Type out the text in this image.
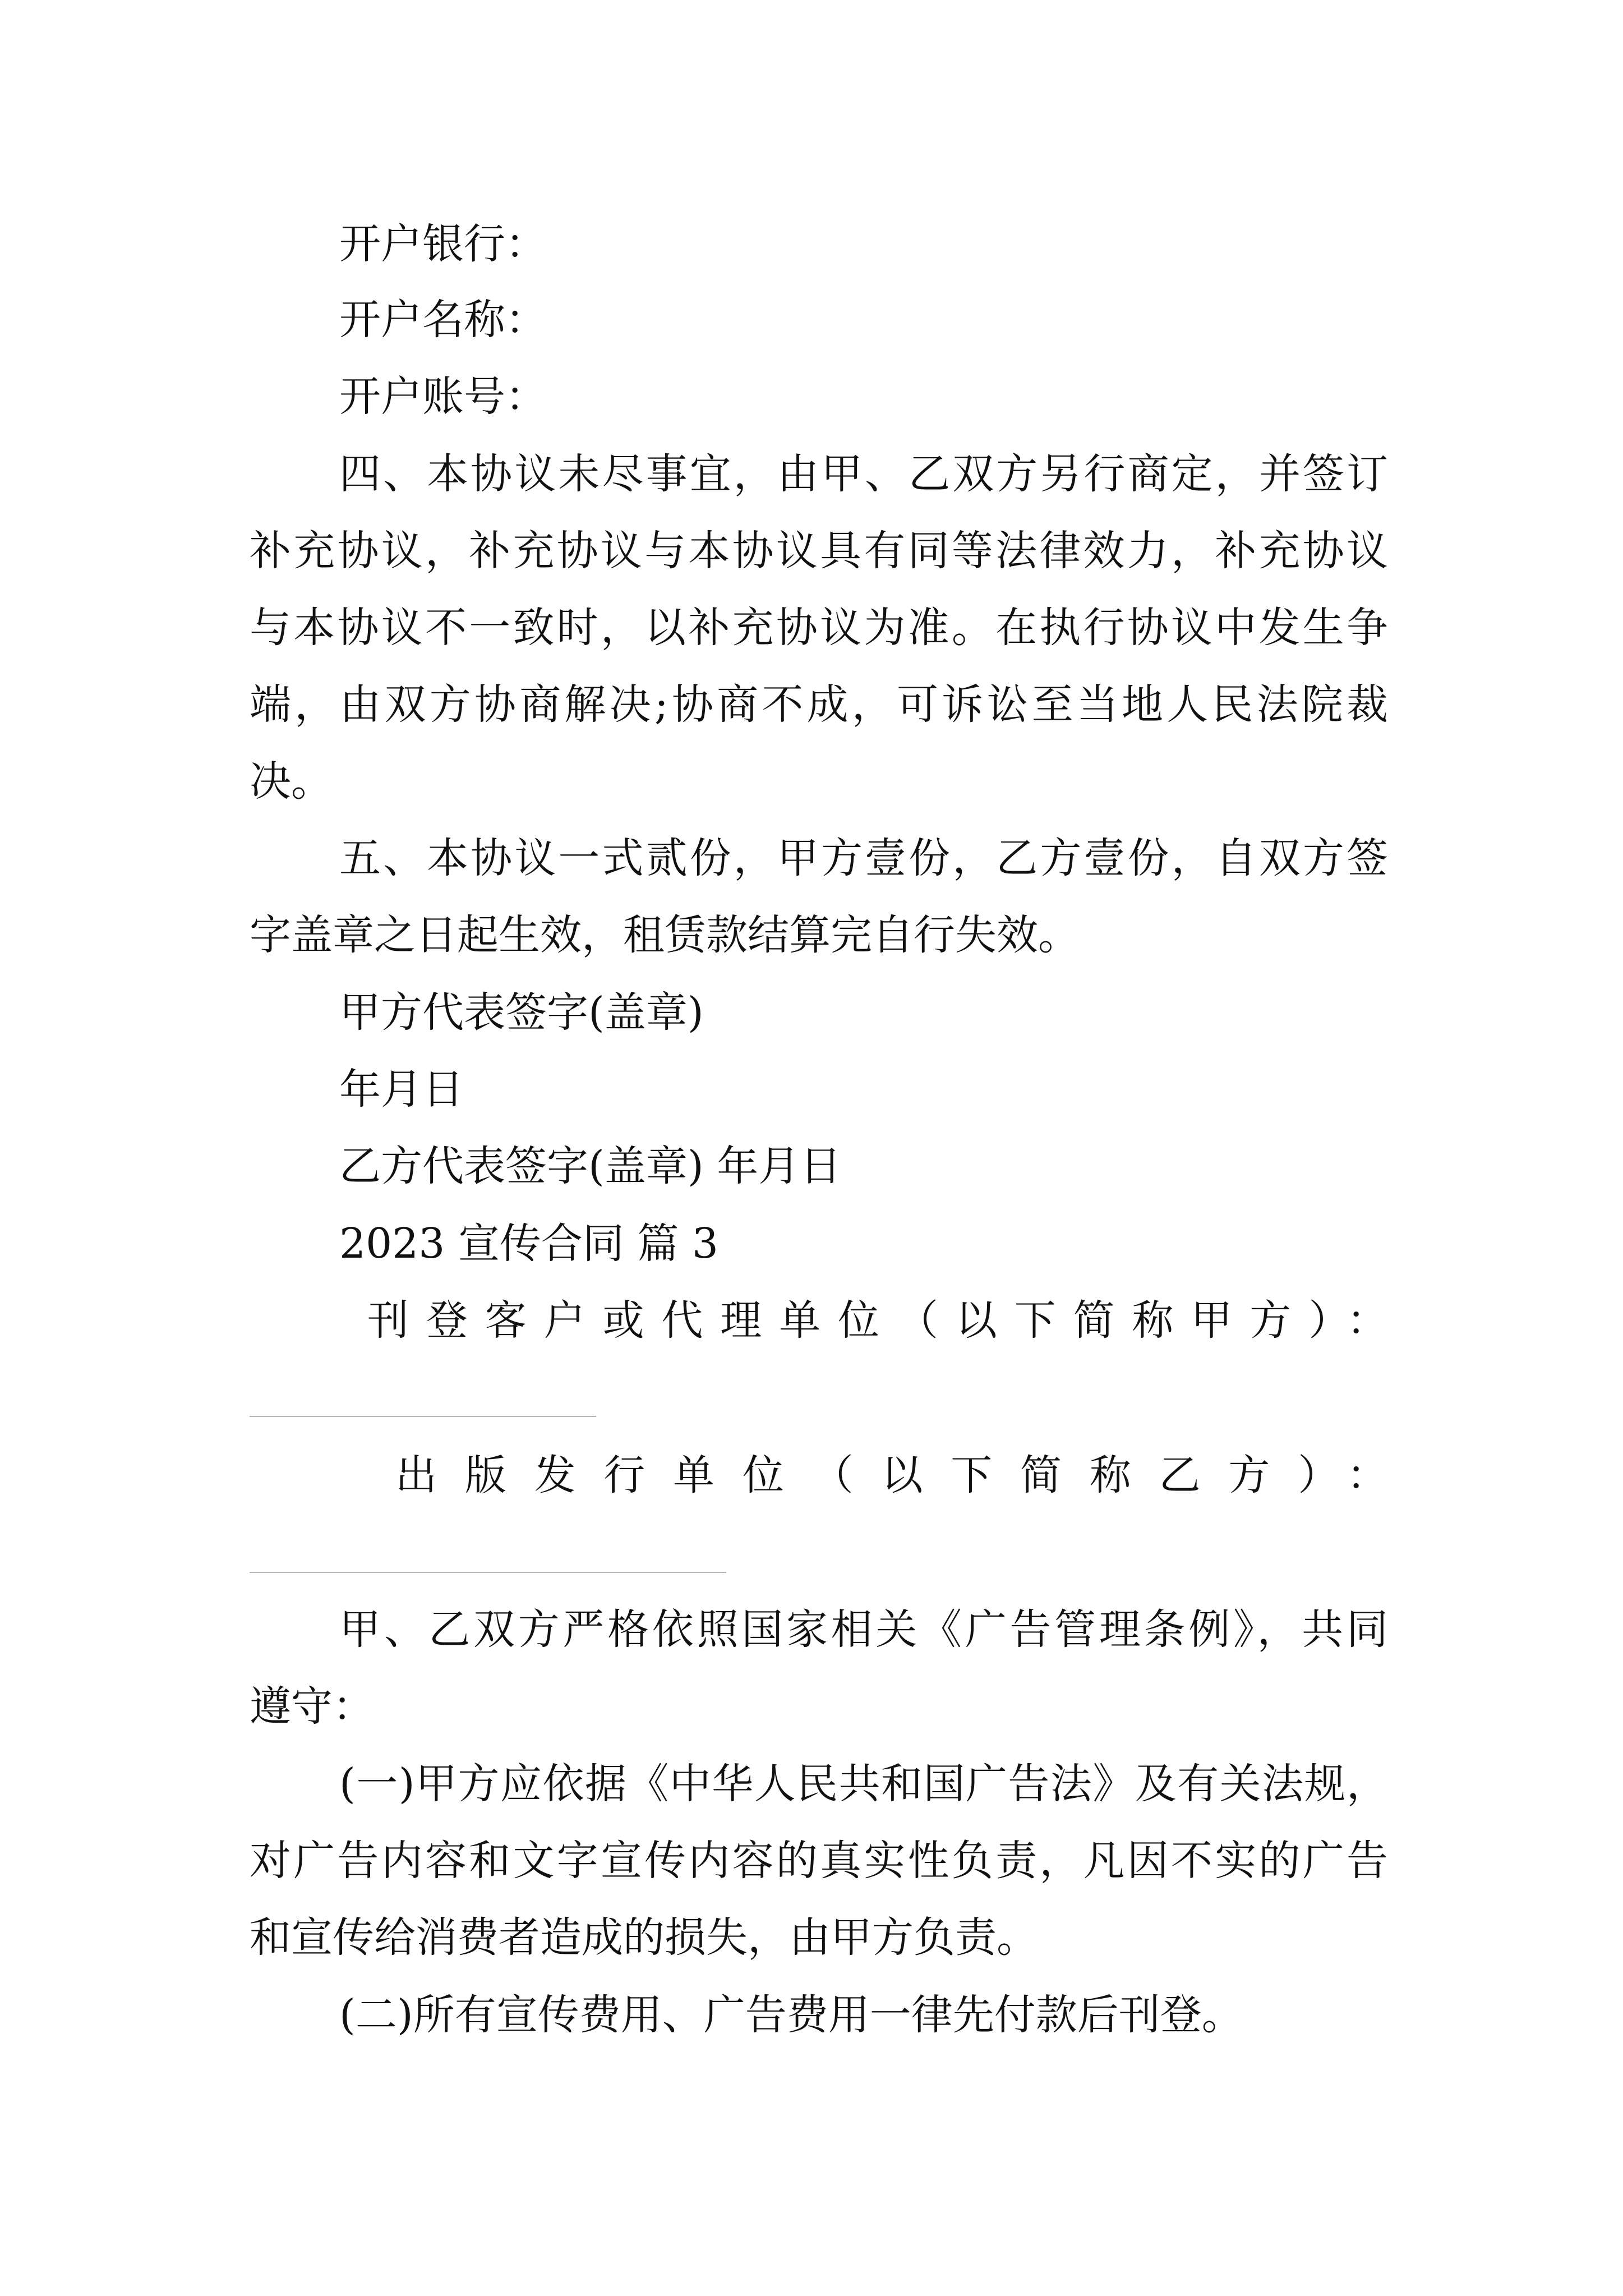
开户银行：
开户名称：
开户账号：
四、本协议未尽事宜，由甲、乙双方另行商定，并签订
补充协议，补充协议与本协议具有同等法律效力，补充协议
与本协议不一致时，以补充协议为准。在执行协议中发生争
端，由双方协商解决;协商不成，可诉讼至当地人民法院裁
决。
五、本协议一式贰份，甲方壹份，乙方壹份，自双方签
字盖章之日起生效，租赁款结算完自行失效。
甲方代表签字(盖章)
年月日
乙方代表签字(盖章) 年月日
2023 宣传合同 篇 3
刊登客户或代理单位（以下简称甲方）：
出版发行单位（以下简称乙方）：
甲、乙双方严格依照国家相关《广告管理条例》，共同
遵守：
(一)甲方应依据《中华人民共和国广告法》及有关法规，
对广告内容和文字宣传内容的真实性负责，凡因不实的广告
和宣传给消费者造成的损失，由甲方负责。
(二)所有宣传费用、广告费用一律先付款后刊登。
